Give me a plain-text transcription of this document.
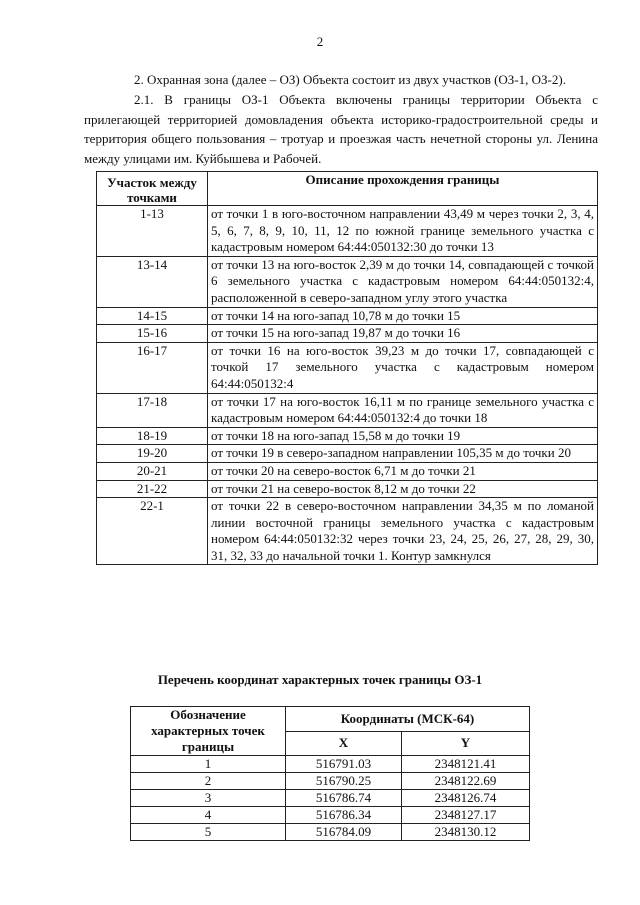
2
2. Охранная зона (далее – ОЗ) Объекта состоит из двух участков (ОЗ-1, ОЗ-2).
2.1. В границы ОЗ-1 Объекта включены границы территории Объекта с прилегающей территорией домовладения объекта историко-градостроительной среды и территория общего пользования – тротуар и проезжая часть нечетной стороны ул. Ленина между улицами им. Куйбышева и Рабочей.
Участок между точками	Описание прохождения границы
1-13	от точки 1 в юго-восточном направлении 43,49 м через точки 2, 3, 4, 5, 6, 7, 8, 9, 10, 11, 12 по южной границе земельного участка с кадастровым номером 64:44:050132:30 до точки 13
13-14	от точки 13 на юго-восток 2,39 м до точки 14, совпадающей с точкой 6 земельного участка с кадастровым номером 64:44:050132:4, расположенной в северо-западном углу этого участка
14-15	от точки 14 на юго-запад 10,78 м до точки 15
15-16	от точки 15 на юго-запад 19,87 м до точки 16
16-17	от точки 16 на юго-восток 39,23 м до точки 17, совпадающей с точкой 17 земельного участка с кадастровым номером 64:44:050132:4
17-18	от точки 17 на юго-восток 16,11 м по границе земельного участка с кадастровым номером 64:44:050132:4 до точки 18
18-19	от точки 18 на юго-запад 15,58 м до точки 19
19-20	от точки 19 в северо-западном направлении 105,35 м до точки 20
20-21	от точки 20 на северо-восток 6,71 м до точки 21
21-22	от точки 21 на северо-восток 8,12 м до точки 22
22-1	от точки 22 в северо-восточном направлении 34,35 м по ломаной линии восточной границы земельного участка с кадастровым номером 64:44:050132:32 через точки 23, 24, 25, 26, 27, 28, 29, 30, 31, 32, 33 до начальной точки 1. Контур замкнулся
Перечень координат характерных точек границы ОЗ-1
Обозначение характерных точек границы	Координаты (МСК-64)	
	X	Y
1	516791.03	2348121.41
2	516790.25	2348122.69
3	516786.74	2348126.74
4	516786.34	2348127.17
5	516784.09	2348130.12
